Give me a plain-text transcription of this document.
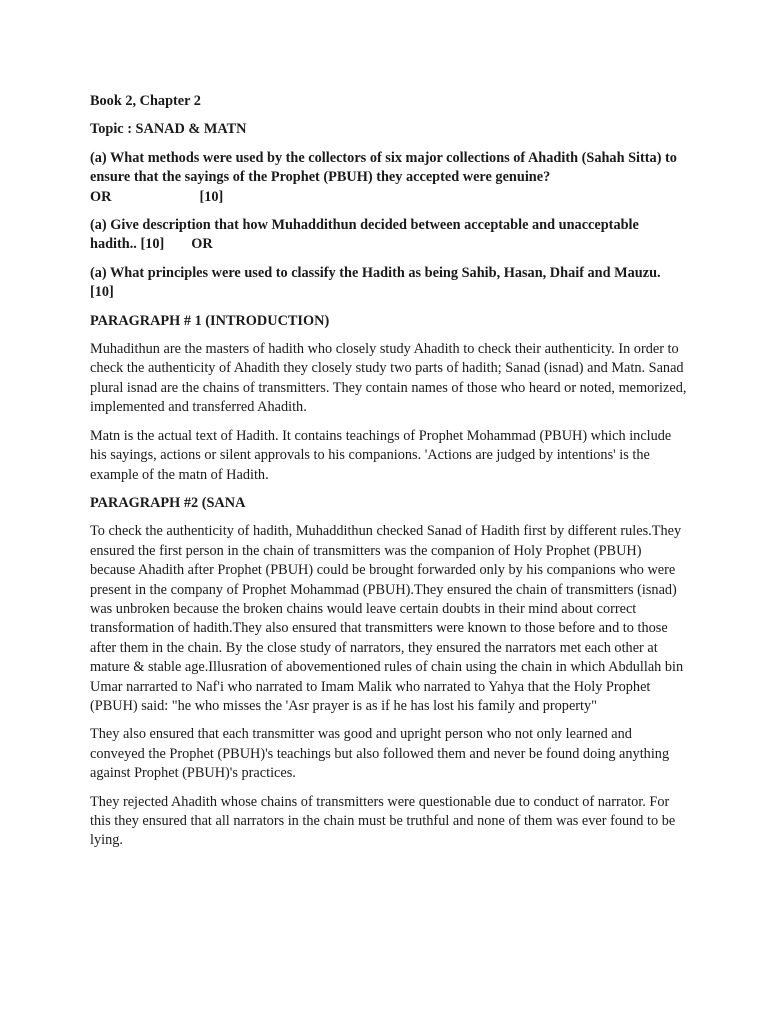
Book 2, Chapter 2

Topic : SANAD & MATN

(a) What methods were used by the collectors of six major collections of Ahadith (Sahah Sitta) to ensure that the sayings of the Prophet (PBUH) they accepted were genuine?
OR	[10]

(a) Give description that how Muhaddithun decided between acceptable and unacceptable hadith.. [10] OR

(a) What principles were used to classify the Hadith as being Sahib, Hasan, Dhaif and Mauzu. [10]

PARAGRAPH # 1 (INTRODUCTION)

Muhadithun are the masters of hadith who closely study Ahadith to check their authenticity. In order to check the authenticity of Ahadith they closely study two parts of hadith; Sanad (isnad) and Matn. Sanad plural isnad are the chains of transmitters. They contain names of those who heard or noted, memorized, implemented and transferred Ahadith.

Matn is the actual text of Hadith. It contains teachings of Prophet Mohammad (PBUH) which include his sayings, actions or silent approvals to his companions. 'Actions are judged by intentions' is the example of the matn of Hadith.

PARAGRAPH #2 (SANA

To check the authenticity of hadith, Muhaddithun checked Sanad of Hadith first by different rules.They ensured the first person in the chain of transmitters was the companion of Holy Prophet (PBUH) because Ahadith after Prophet (PBUH) could be brought forwarded only by his companions who were present in the company of Prophet Mohammad (PBUH).They ensured the chain of transmitters (isnad) was unbroken because the broken chains would leave certain doubts in their mind about correct transformation of hadith.They also ensured that transmitters were known to those before and to those after them in the chain. By the close study of narrators, they ensured the narrators met each other at mature & stable age.Illusration of abovementioned rules of chain using the chain in which Abdullah bin Umar narrarted to Naf'i who narrated to Imam Malik who narrated to Yahya that the Holy Prophet (PBUH) said: "he who misses the 'Asr prayer is as if he has lost his family and property"

They also ensured that each transmitter was good and upright person who not only learned and conveyed the Prophet (PBUH)'s teachings but also followed them and never be found doing anything against Prophet (PBUH)'s practices.

They rejected Ahadith whose chains of transmitters were questionable due to conduct of narrator. For this they ensured that all narrators in the chain must be truthful and none of them was ever found to be lying.
